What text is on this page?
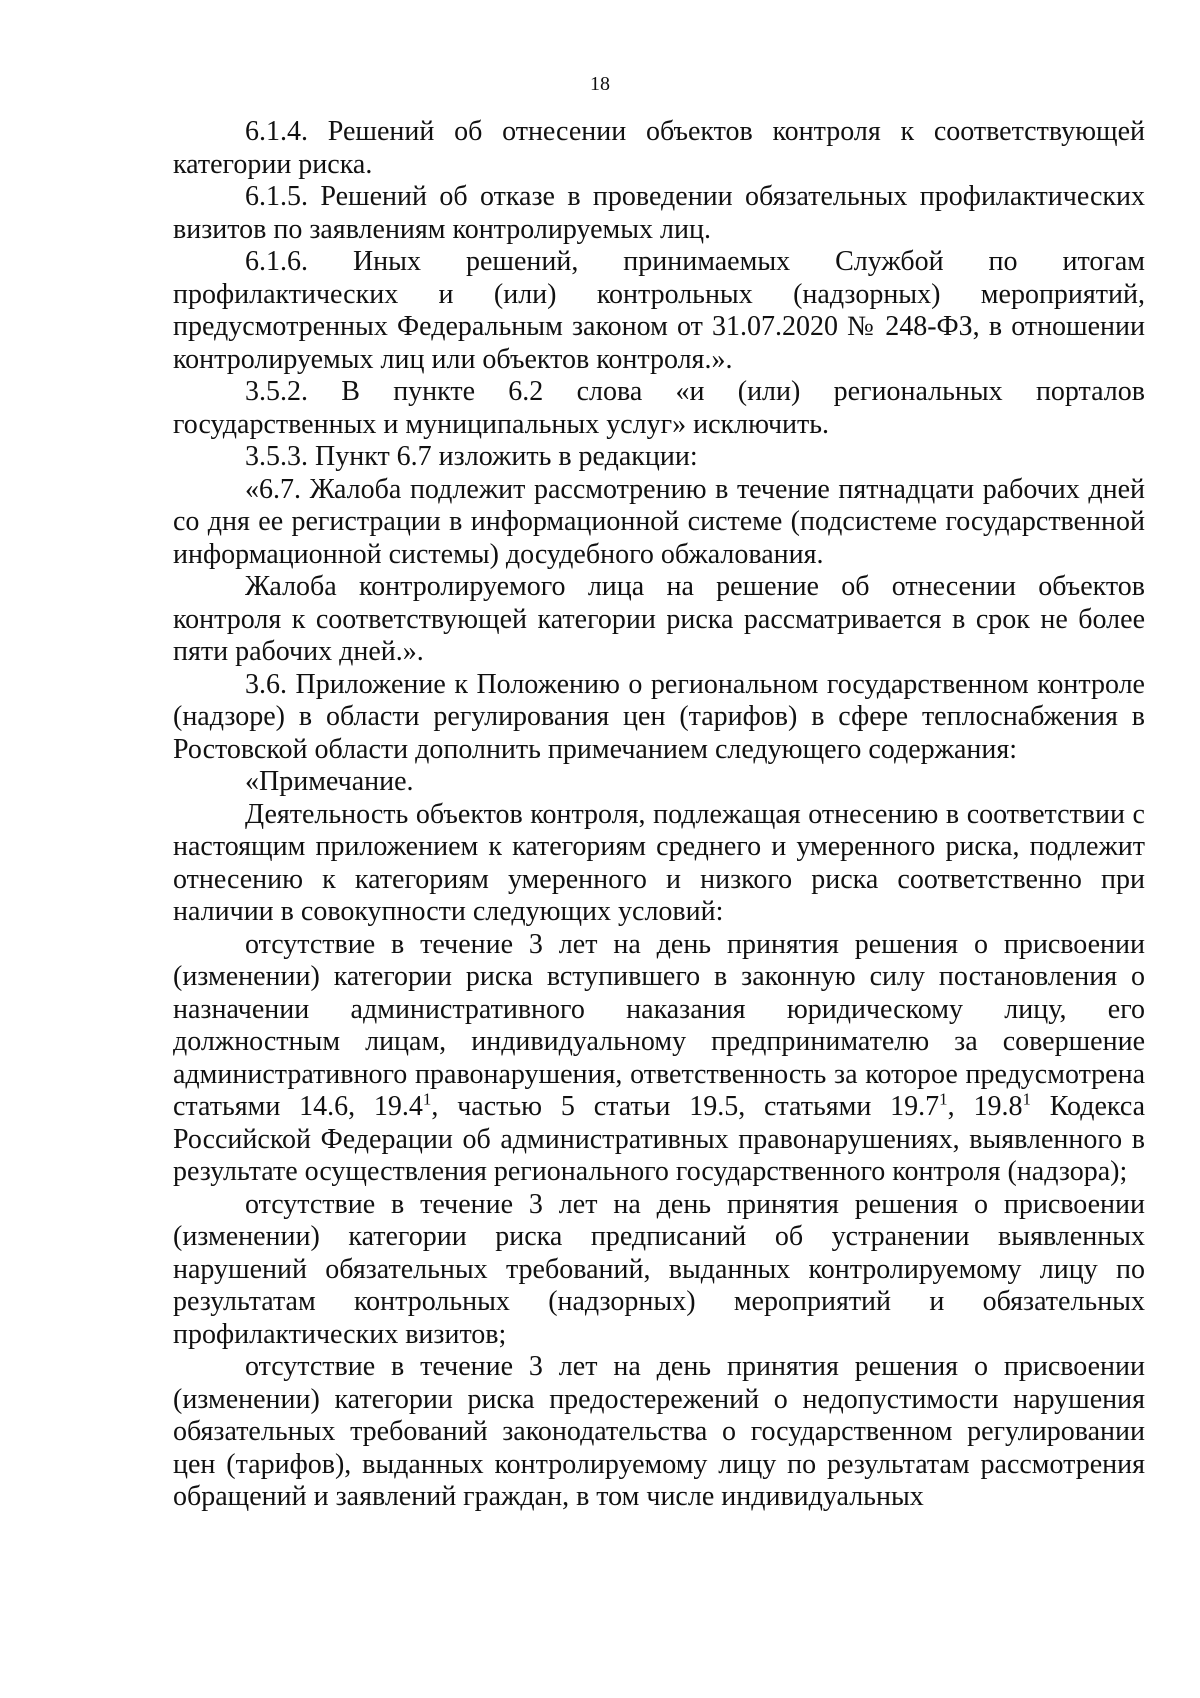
18

6.1.4. Решений об отнесении объектов контроля к соответствующей категории риска.

6.1.5. Решений об отказе в проведении обязательных профилактических визитов по заявлениям контролируемых лиц.

6.1.6. Иных решений, принимаемых Службой по итогам профилактических и (или) контрольных (надзорных) мероприятий, предусмотренных Федеральным законом от 31.07.2020 № 248-ФЗ, в отношении контролируемых лиц или объектов контроля.».

3.5.2. В пункте 6.2 слова «и (или) региональных порталов государственных и муниципальных услуг» исключить.

3.5.3. Пункт 6.7 изложить в редакции:

«6.7. Жалоба подлежит рассмотрению в течение пятнадцати рабочих дней со дня ее регистрации в информационной системе (подсистеме государственной информационной системы) досудебного обжалования.

Жалоба контролируемого лица на решение об отнесении объектов контроля к соответствующей категории риска рассматривается в срок не более пяти рабочих дней.».

3.6. Приложение к Положению о региональном государственном контроле (надзоре) в области регулирования цен (тарифов) в сфере теплоснабжения в Ростовской области дополнить примечанием следующего содержания:

«Примечание.

Деятельность объектов контроля, подлежащая отнесению в соответствии с настоящим приложением к категориям среднего и умеренного риска, подлежит отнесению к категориям умеренного и низкого риска соответственно при наличии в совокупности следующих условий:

отсутствие в течение 3 лет на день принятия решения о присвоении (изменении) категории риска вступившего в законную силу постановления о назначении административного наказания юридическому лицу, его должностным лицам, индивидуальному предпринимателю за совершение административного правонарушения, ответственность за которое предусмотрена статьями 14.6, 19.4$^1$, частью 5 статьи 19.5, статьями 19.7$^1$, 19.8$^1$ Кодекса Российской Федерации об административных правонарушениях, выявленного в результате осуществления регионального государственного контроля (надзора);

отсутствие в течение 3 лет на день принятия решения о присвоении (изменении) категории риска предписаний об устранении выявленных нарушений обязательных требований, выданных контролируемому лицу по результатам контрольных (надзорных) мероприятий и обязательных профилактических визитов;

отсутствие в течение 3 лет на день принятия решения о присвоении (изменении) категории риска предостережений о недопустимости нарушения обязательных требований законодательства о государственном регулировании цен (тарифов), выданных контролируемому лицу по результатам рассмотрения обращений и заявлений граждан, в том числе индивидуальных
